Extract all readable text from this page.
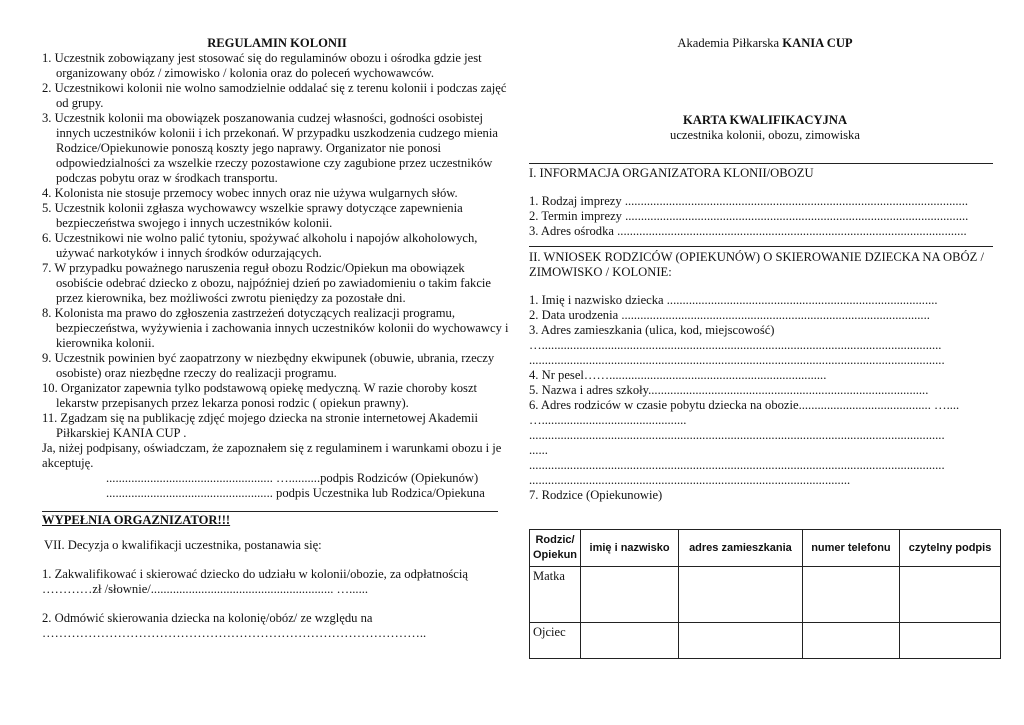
REGULAMIN KOLONII
1. Uczestnik zobowiązany jest stosować się do regulaminów obozu i ośrodka gdzie jest organizowany obóz / zimowisko / kolonia oraz do poleceń wychowawców.
2. Uczestnikowi kolonii nie wolno samodzielnie oddalać się z terenu kolonii i podczas zajęć od grupy.
3. Uczestnik kolonii ma obowiązek poszanowania cudzej własności, godności osobistej innych uczestników kolonii i ich przekonań. W przypadku uszkodzenia cudzego mienia Rodzice/Opiekunowie ponoszą koszty jego naprawy. Organizator nie ponosi odpowiedzialności za wszelkie rzeczy pozostawione czy zagubione przez uczestników podczas pobytu oraz w środkach transportu.
4. Kolonista nie stosuje przemocy wobec innych oraz nie używa wulgarnych słów.
5. Uczestnik kolonii zgłasza wychowawcy wszelkie sprawy dotyczące zapewnienia bezpieczeństwa swojego i innych uczestników kolonii.
6. Uczestnikowi nie wolno palić tytoniu, spożywać alkoholu i napojów alkoholowych, używać narkotyków i innych środków odurzających.
7. W przypadku poważnego naruszenia reguł obozu Rodzic/Opiekun ma obowiązek osobiście odebrać dziecko z obozu, najpóźniej dzień po zawiadomieniu o takim fakcie przez kierownika, bez możliwości zwrotu pieniędzy za pozostałe dni.
8. Kolonista ma prawo do zgłoszenia zastrzeżeń dotyczących realizacji programu, bezpieczeństwa, wyżywienia i zachowania innych uczestników kolonii do wychowawcy i kierownika kolonii.
9. Uczestnik powinien być zaopatrzony w niezbędny ekwipunek (obuwie, ubrania, rzeczy osobiste) oraz niezbędne rzeczy do realizacji programu.
10. Organizator zapewnia tylko podstawową opiekę medyczną. W razie choroby koszt lekarstw przepisanych przez lekarza ponosi rodzic ( opiekun prawny).
11. Zgadzam się na publikację zdjęć mojego dziecka na stronie internetowej Akademii Piłkarskiej KANIA CUP .
Ja, niżej podpisany, oświadczam, że zapoznałem się z regulaminem i warunkami obozu i je akceptuję.
..................................................... …..........podpis Rodziców (Opiekunów)
..................................................... podpis Uczestnika lub Rodzica/Opiekuna
WYPEŁNIA ORGAZNIZATOR!!!
VII. Decyzja o kwalifikacji uczestnika, postanawia się:
1. Zakwalifikować i skierować dziecko do udziału w kolonii/obozie, za odpłatnością …………zł /słownie/.......................................................... …......
2. Odmówić skierowania dziecka na kolonię/obóz/ ze względu na
………………………………………………………………………………..
Akademia Piłkarska KANIA CUP
KARTA KWALIFIKACYJNA
uczestnika kolonii, obozu, zimowiska
I. INFORMACJA ORGANIZATORA KLONII/OBOZU
1. Rodzaj imprezy .............................................................................................................
2. Termin imprezy .............................................................................................................
3. Adres ośrodka ...............................................................................................................
II. WNIOSEK RODZICÓW (OPIEKUNÓW) O SKIEROWANIE DZIECKA NA OBÓZ / ZIMOWISKO / KOLONIE:
1. Imię i nazwisko dziecka ......................................................................................
2. Data urodzenia ..................................................................................................
3. Adres zamieszkania (ulica, kod, miejscowość)
…...............................................................................................................................
....................................................................................................................................
4. Nr pesel…….....................................................................
5. Nazwa i adres szkoły.........................................................................................
6. Adres rodziców w czasie pobytu dziecka na obozie.......................................... …....
…..............................................
....................................................................................................................................
......
....................................................................................................................................
......................................................................................................
7. Rodzice (Opiekunowie)
Rodzic/ Opiekun	imię i nazwisko	adres zamieszkania	numer telefonu	czytelny podpis
Matka				
Ojciec				
